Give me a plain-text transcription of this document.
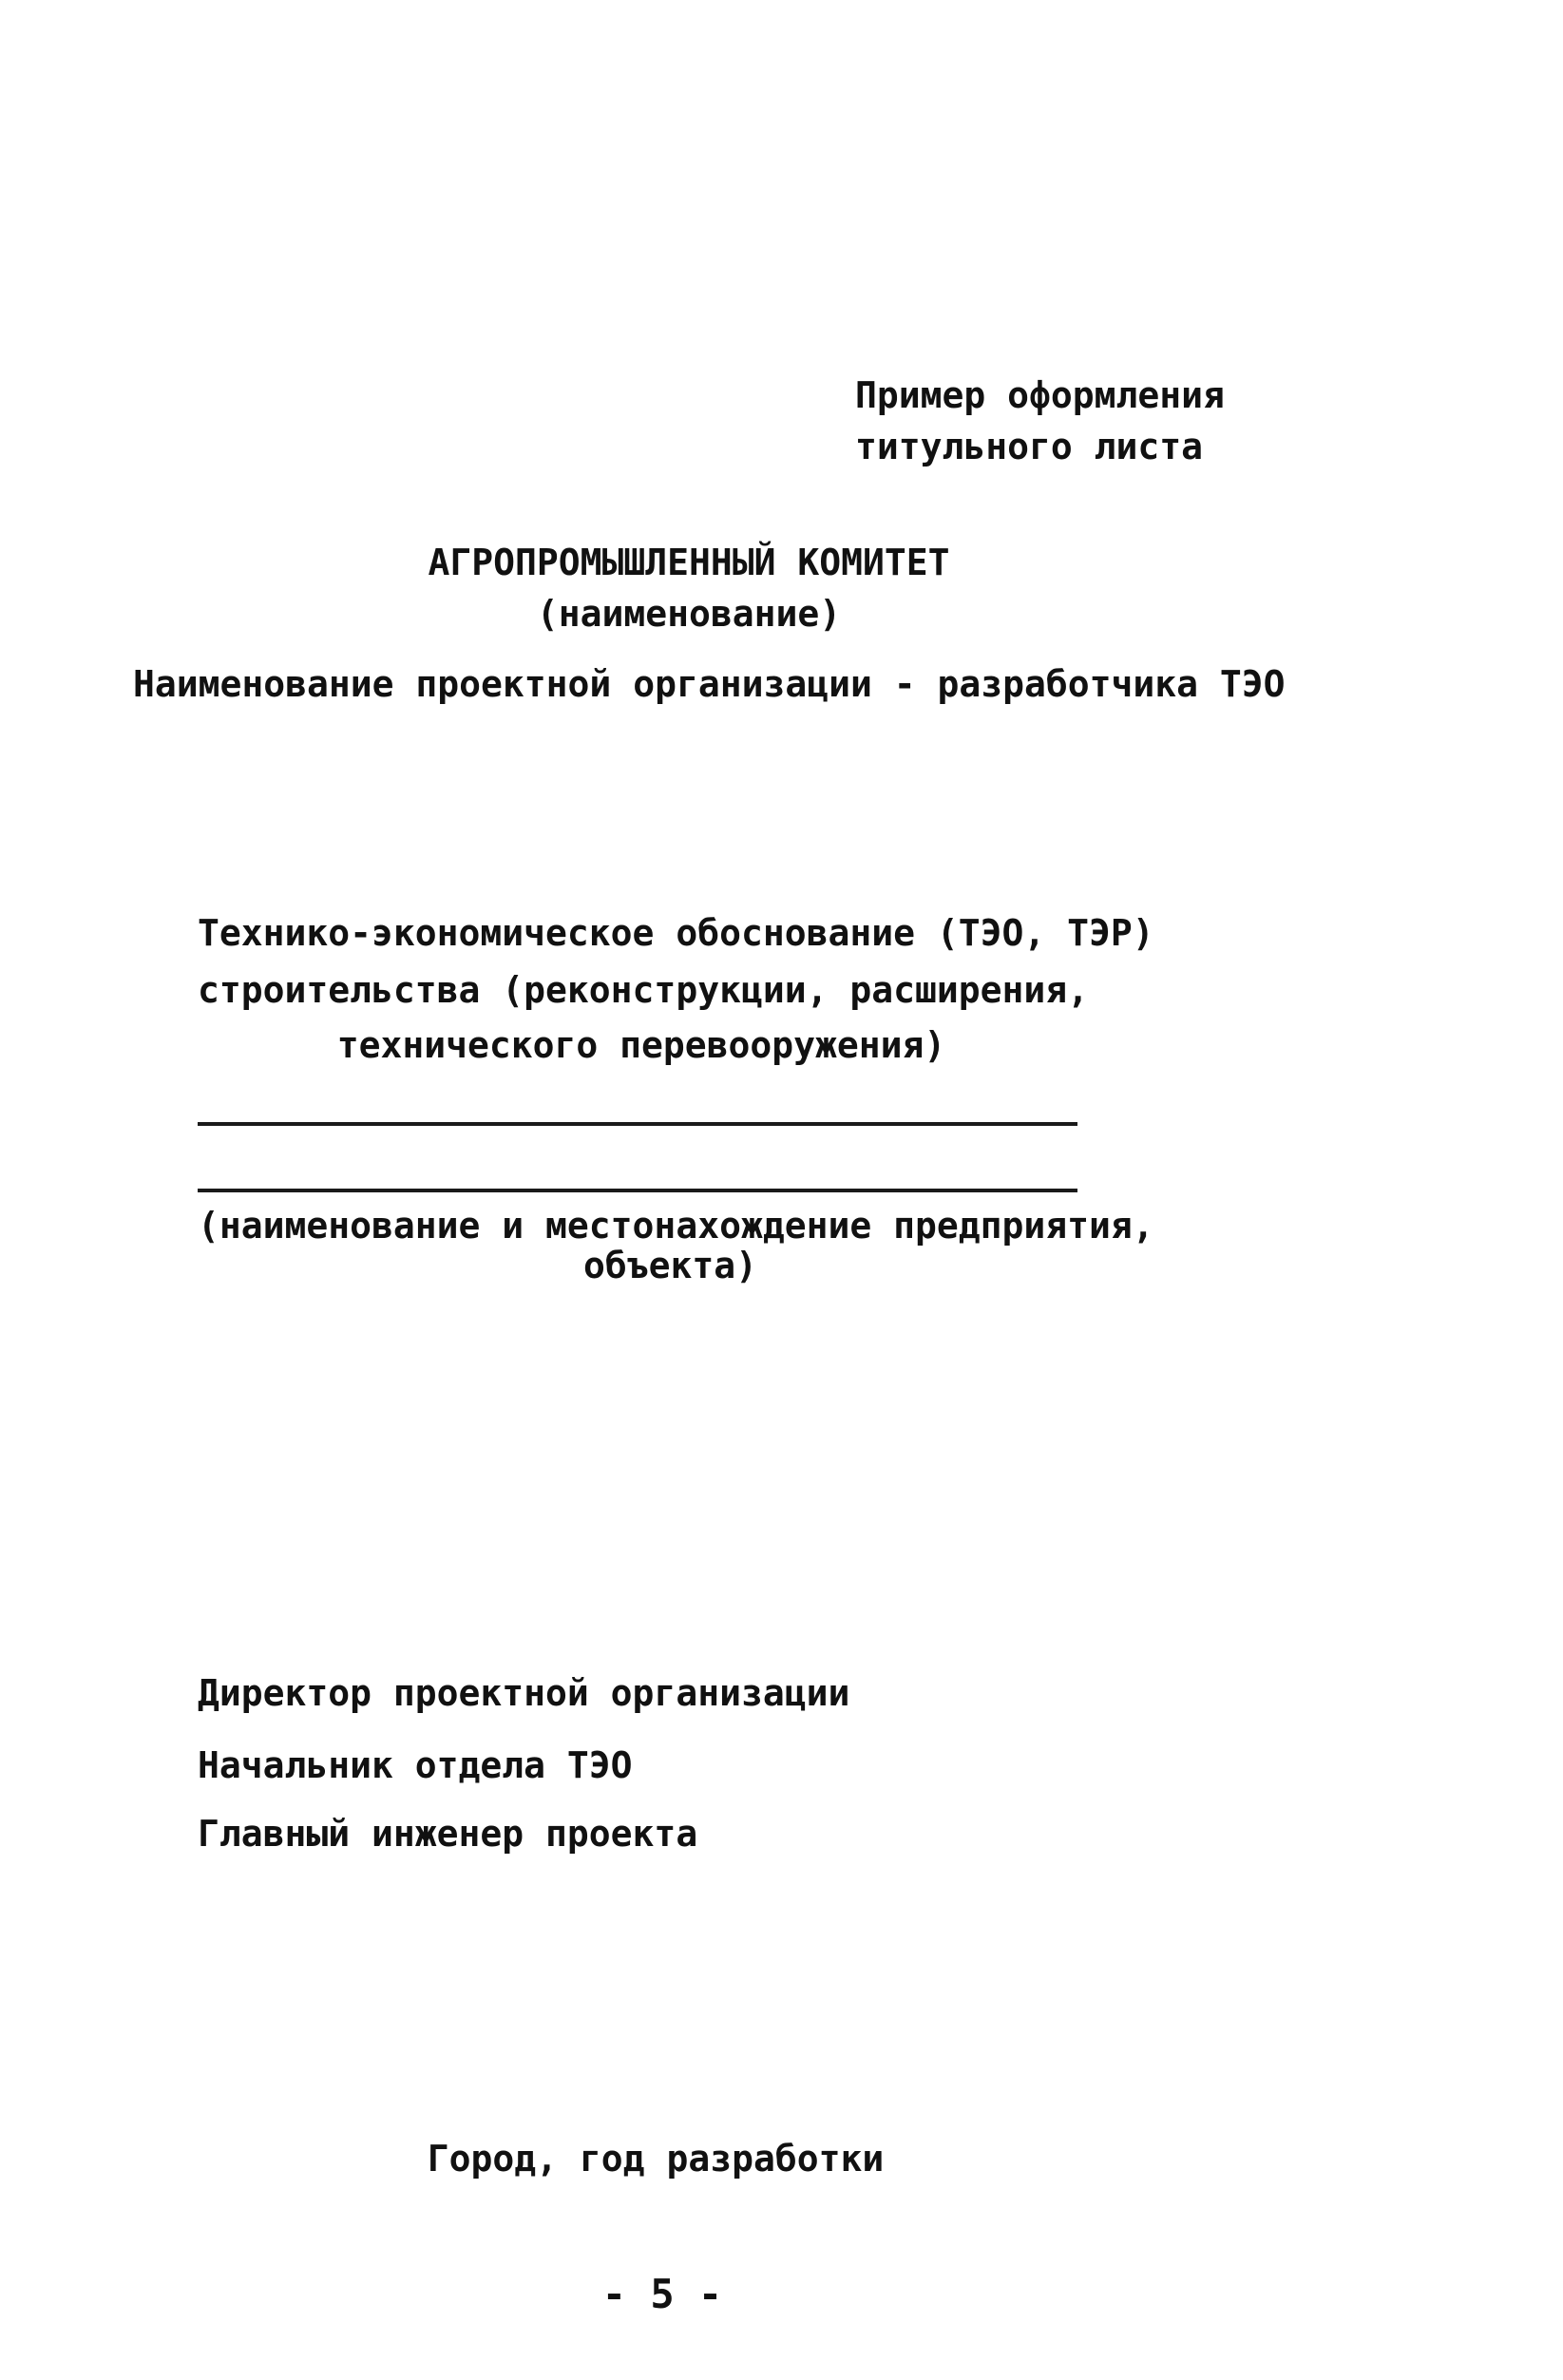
Пример оформления
титульного листа
АГРОПРОМЫШЛЕННЫЙ КОМИТЕТ
(наименование)
Наименование проектной организации - разработчика ТЭО
Технико-экономическое обоснование (ТЭО, ТЭР)
строительства (реконструкции, расширения,
технического перевооружения)
(наименование и местонахождение предприятия,
объекта)
Директор проектной организации
Начальник отдела ТЭО
Главный инженер проекта
Город, год разработки
- 5 -
